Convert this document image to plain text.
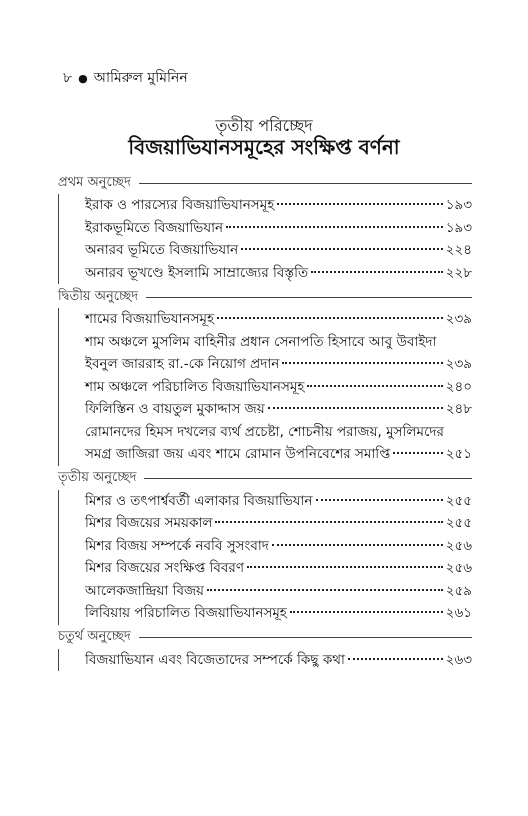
৮ ● আমিরুল মুমিনিন
তৃতীয় পরিচ্ছেদ
বিজয়াভিযানসমূহের সংক্ষিপ্ত বর্ণনা
প্রথম অনুচ্ছেদ
ইরাক ও পারস্যের বিজয়াভিযানসমূহ	১৯৩
ইরাকভূমিতে বিজয়াভিযান	১৯৩
অনারব ভূমিতে বিজয়াভিযান	২২৪
অনারব ভূখণ্ডে ইসলামি সাম্রাজ্যের বিস্তৃতি	২২৮
দ্বিতীয় অনুচ্ছেদ
শামের বিজয়াভিযানসমূহ	২৩৯
শাম অঞ্চলে মুসলিম বাহিনীর প্রধান সেনাপতি হিসাবে আবু উবাইদা
ইবনুল জাররাহ রা.-কে নিয়োগ প্রদান	২৩৯
শাম অঞ্চলে পরিচালিত বিজয়াভিযানসমূহ	২৪০
ফিলিস্তিন ও বায়তুল মুকাদ্দাস জয়	২৪৮
রোমানদের হিমস দখলের ব্যর্থ প্রচেষ্টা, শোচনীয় পরাজয়, মুসলিমদের
সমগ্র জাজিরা জয় এবং শামে রোমান উপনিবেশের সমাপ্তি	২৫১
তৃতীয় অনুচ্ছেদ
মিশর ও তৎপার্শ্ববর্তী এলাকার বিজয়াভিযান	২৫৫
মিশর বিজয়ের সময়কাল	২৫৫
মিশর বিজয় সম্পর্কে নববি সুসংবাদ	২৫৬
মিশর বিজয়ের সংক্ষিপ্ত বিবরণ	২৫৬
আলেকজান্দ্রিয়া বিজয়	২৫৯
লিবিয়ায় পরিচালিত বিজয়াভিযানসমূহ	২৬১
চতুর্থ অনুচ্ছেদ
বিজয়াভিযান এবং বিজেতাদের সম্পর্কে কিছু কথা	২৬৩
